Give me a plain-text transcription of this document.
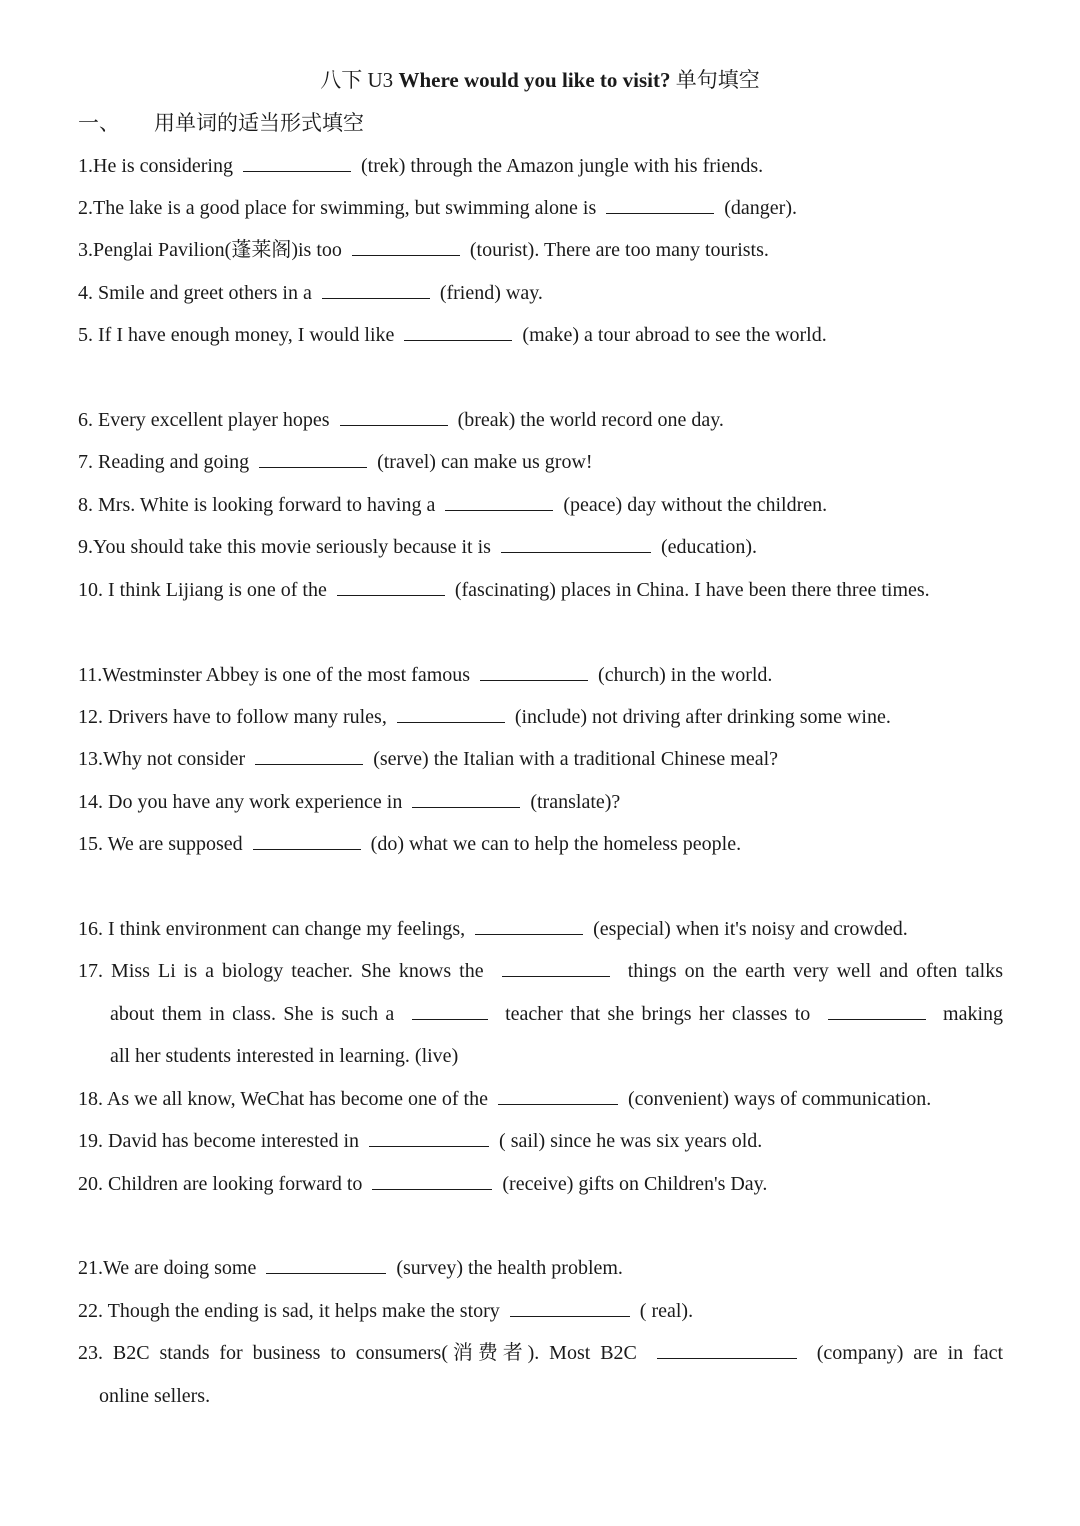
八下 U3 Where would you like to visit? 单句填空
一、 用单词的适当形式填空
1.He is considering	(trek) through the Amazon jungle with his friends.
2.The lake is a good place for swimming, but swimming alone is	(danger).
3.Penglai Pavilion(蓬莱阁)is too	(tourist). There are too many tourists.
4. Smile and greet others in a	(friend) way.
5. If I have enough money, I would like	(make) a tour abroad to see the world.
6. Every excellent player hopes	(break) the world record one day.
7. Reading and going	(travel) can make us grow!
8. Mrs. White is looking forward to having a	(peace) day without the children.
9.You should take this movie seriously because it is	(education).
10. I think Lijiang is one of the	(fascinating) places in China. I have been there three times.
11.Westminster Abbey is one of the most famous	(church) in the world.
12. Drivers have to follow many rules,	(include) not driving after drinking some wine.
13.Why not consider	(serve) the Italian with a traditional Chinese meal?
14. Do you have any work experience in	(translate)?
15. We are supposed	(do) what we can to help the homeless people.
16. I think environment can change my feelings,	(especial) when it's noisy and crowded.
17. Miss Li is a biology teacher. She knows the	things on the earth very well and often talks
about them in class. She is such a	teacher that she brings her classes to	making
all her students interested in learning. (live)
18. As we all know, WeChat has become one of the	(convenient) ways of communication.
19. David has become interested in	( sail) since he was six years old.
20. Children are looking forward to	(receive) gifts on Children's Day.
21.We are doing some	(survey) the health problem.
22. Though the ending is sad, it helps make the story	( real).
23. B2C stands for business to consumers(消费者). Most B2C	(company) are in fact
online sellers.
